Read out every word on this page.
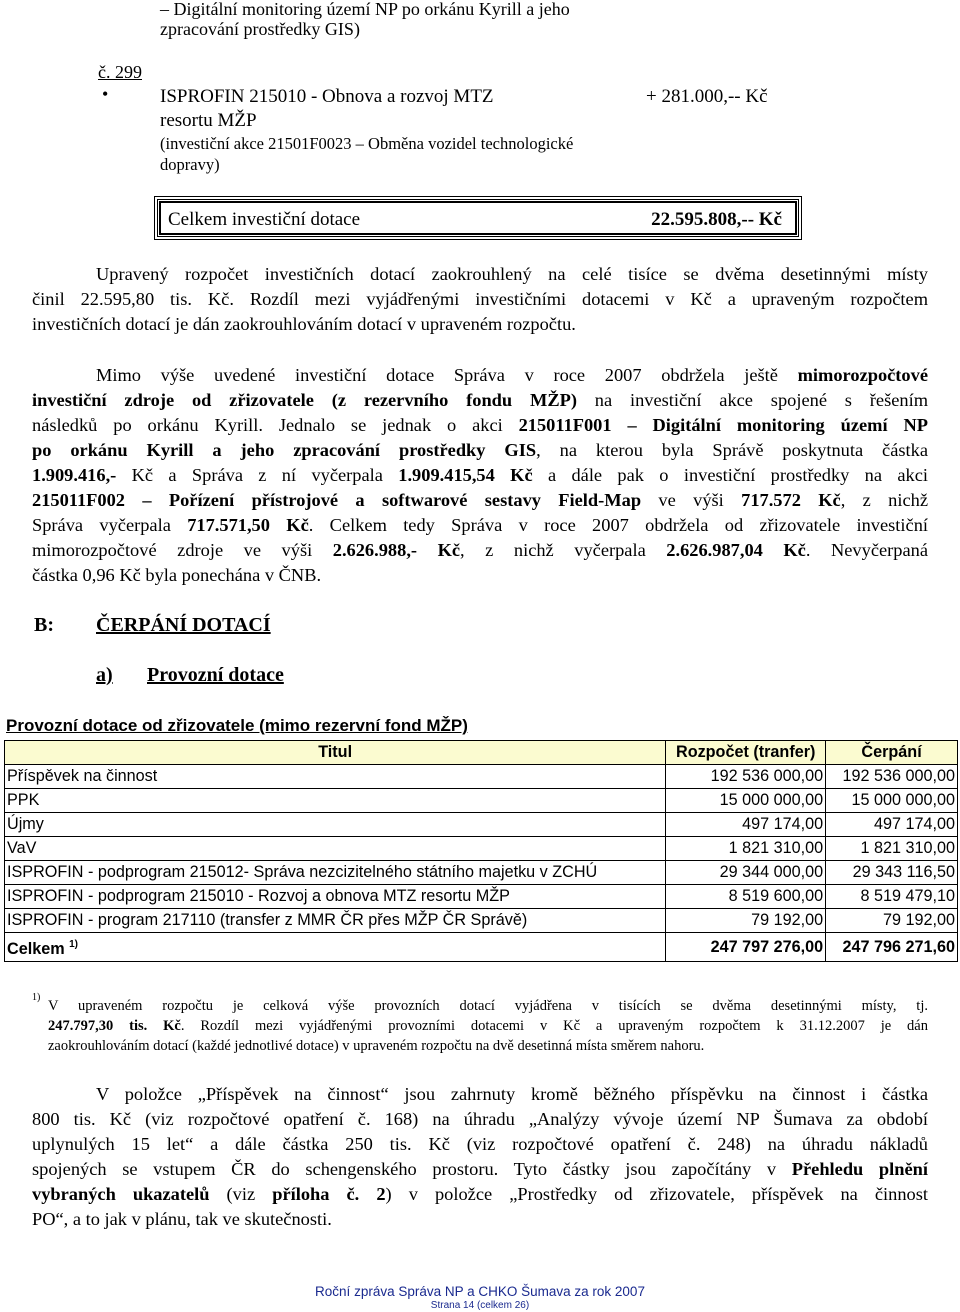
– Digitální monitoring území NP po orkánu Kyrill a jeho
zpracování prostředky GIS)
č. 299
•	ISPROFIN 215010 - Obnova a rozvoj MTZ	+ 281.000,-- Kč
resortu MŽP
(investiční akce 21501F0023 – Obměna vozidel technologické
dopravy)
Celkem investiční dotace	22.595.808,-- Kč
Upravený rozpočet investičních dotací zaokrouhlený na celé tisíce se dvěma desetinnými místy
činil 22.595,80 tis. Kč. Rozdíl mezi vyjádřenými investičními dotacemi v Kč a upraveným rozpočtem
investičních dotací je dán zaokrouhlováním dotací v upraveném rozpočtu.
Mimo výše uvedené investiční dotace Správa v roce 2007 obdržela ještě mimorozpočtové
investiční zdroje od zřizovatele (z rezervního fondu MŽP) na investiční akce spojené s řešením
následků po orkánu Kyrill. Jednalo se jednak o akci 215011F001 – Digitální monitoring území NP
po orkánu Kyrill a jeho zpracování prostředky GIS, na kterou byla Správě poskytnuta částka
1.909.416,- Kč a Správa z ní vyčerpala 1.909.415,54 Kč a dále pak o investiční prostředky na akci
215011F002 – Pořízení přístrojové a softwarové sestavy Field-Map ve výši 717.572 Kč, z nichž
Správa vyčerpala 717.571,50 Kč. Celkem tedy Správa v roce 2007 obdržela od zřizovatele investiční
mimorozpočtové zdroje ve výši 2.626.988,- Kč, z nichž vyčerpala 2.626.987,04 Kč. Nevyčerpaná
částka 0,96 Kč byla ponechána v ČNB.
B: ČERPÁNÍ DOTACÍ
a) Provozní dotace
Provozní dotace od zřizovatele (mimo rezervní fond MŽP)
Titul	Rozpočet (tranfer)	Čerpání
Příspěvek na činnost	192 536 000,00	192 536 000,00
PPK	15 000 000,00	15 000 000,00
Újmy	497 174,00	497 174,00
VaV	1 821 310,00	1 821 310,00
ISPROFIN - podprogram 215012- Správa nezcizitelného státního majetku v ZCHÚ	29 344 000,00	29 343 116,50
ISPROFIN - podprogram 215010 - Rozvoj a obnova MTZ resortu MŽP	8 519 600,00	8 519 479,10
ISPROFIN - program 217110 (transfer z MMR ČR přes MŽP ČR Správě)	79 192,00	79 192,00
Celkem $^{1)}$	247 797 276,00	247 796 271,60
1)
V upraveném rozpočtu je celková výše provozních dotací vyjádřena v tisících se dvěma desetinnými místy, tj.
247.797,30 tis. Kč. Rozdíl mezi vyjádřenými provozními dotacemi v Kč a upraveným rozpočtem k 31.12.2007 je dán
zaokrouhlováním dotací (každé jednotlivé dotace) v upraveném rozpočtu na dvě desetinná místa směrem nahoru.
V položce „Příspěvek na činnost“ jsou zahrnuty kromě běžného příspěvku na činnost i částka
800 tis. Kč (viz rozpočtové opatření č. 168) na úhradu „Analýzy vývoje území NP Šumava za období
uplynulých 15 let“ a dále částka 250 tis. Kč (viz rozpočtové opatření č. 248) na úhradu nákladů
spojených se vstupem ČR do schengenského prostoru. Tyto částky jsou započítány v Přehledu plnění
vybraných ukazatelů (viz příloha č. 2) v položce „Prostředky od zřizovatele, příspěvek na činnost
PO“, a to jak v plánu, tak ve skutečnosti.
Roční zpráva Správa NP a CHKO Šumava za rok 2007
Strana 14 (celkem 26)
